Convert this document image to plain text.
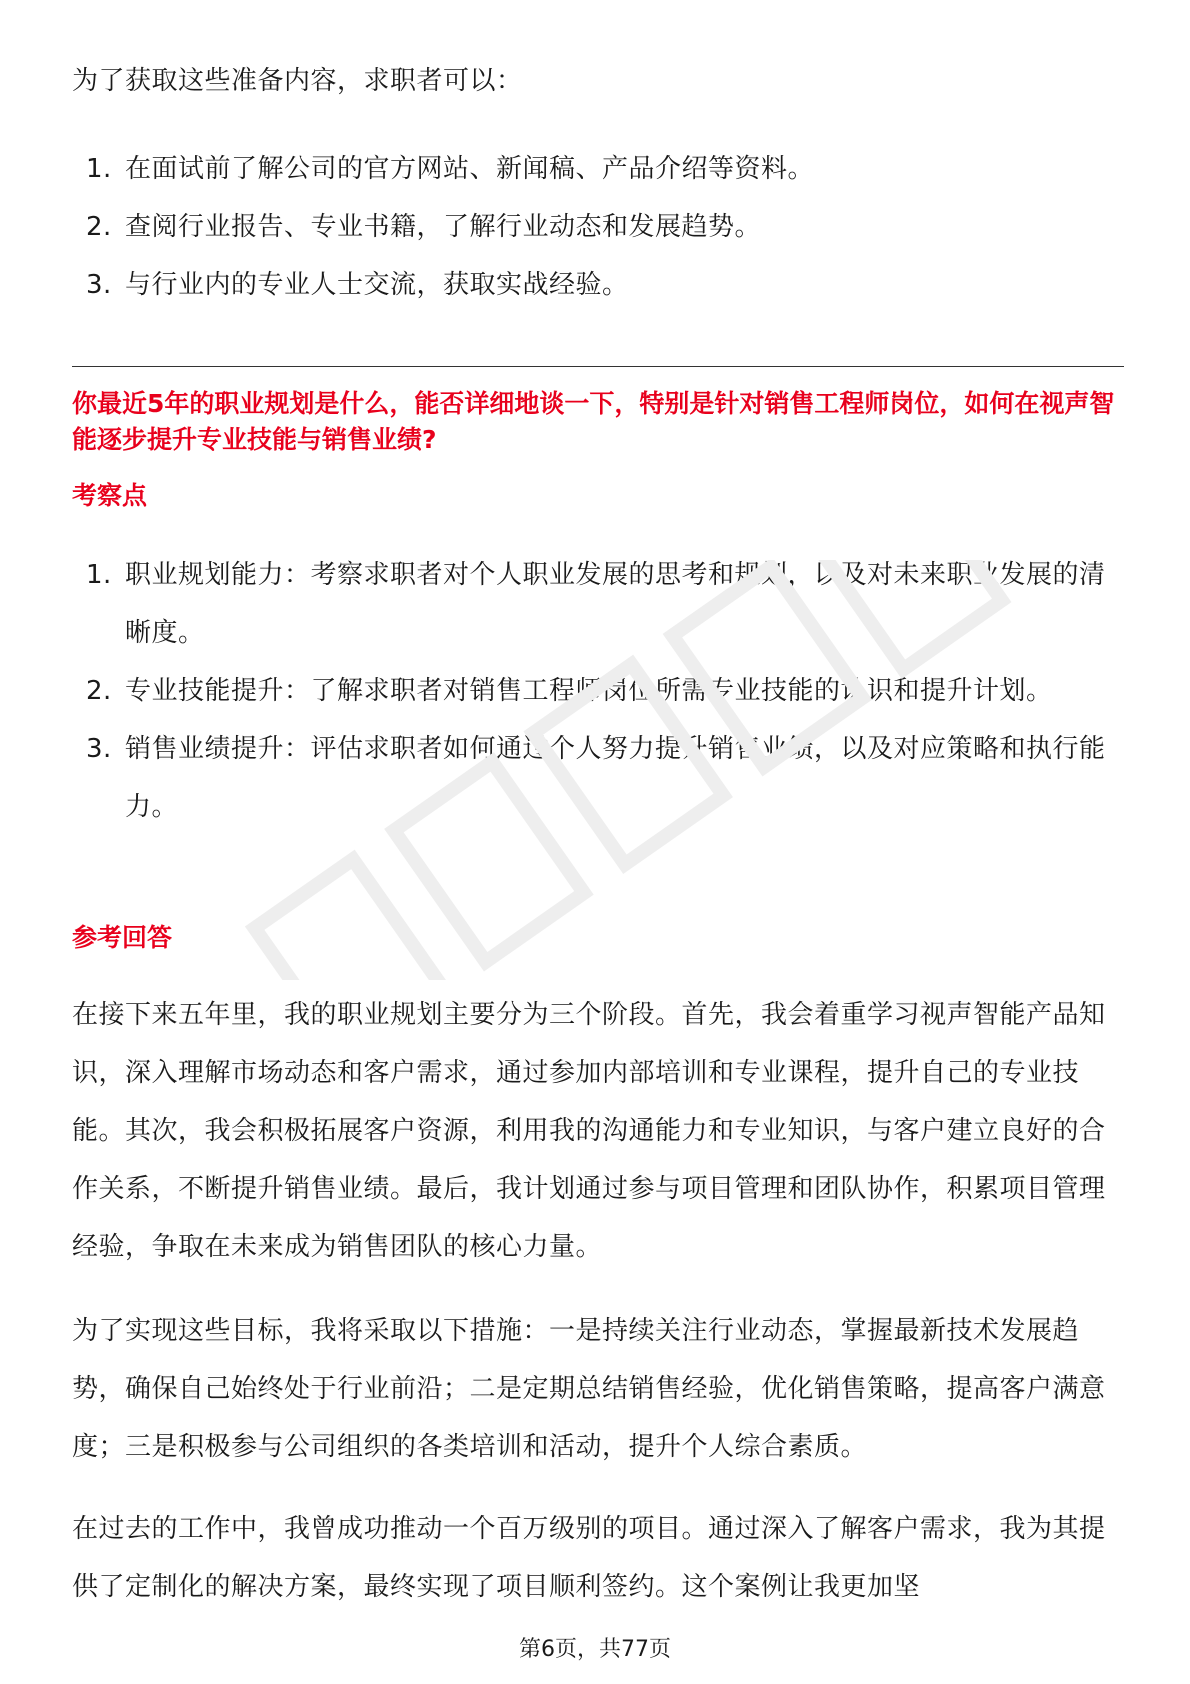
为了获取这些准备内容，求职者可以：

1. 在面试前了解公司的官方网站、新闻稿、产品介绍等资料。
2. 查阅行业报告、专业书籍，了解行业动态和发展趋势。
3. 与行业内的专业人士交流，获取实战经验。
你最近5年的职业规划是什么，能否详细地谈一下，特别是针对销售工程师岗位，如何在视声智能逐步提升专业技能与销售业绩?
考察点
1. 职业规划能力：考察求职者对个人职业发展的思考和规划，以及对未来职业发展的清晰度。
2. 专业技能提升：了解求职者对销售工程师岗位所需专业技能的认识和提升计划。
3. 销售业绩提升：评估求职者如何通过个人努力提升销售业绩，以及对应策略和执行能力。
参考回答

在接下来五年里，我的职业规划主要分为三个阶段。首先，我会着重学习视声智能产品知识，深入理解市场动态和客户需求，通过参加内部培训和专业课程，提升自己的专业技能。其次，我会积极拓展客户资源，利用我的沟通能力和专业知识，与客户建立良好的合作关系，不断提升销售业绩。最后，我计划通过参与项目管理和团队协作，积累项目管理经验，争取在未来成为销售团队的核心力量。

为了实现这些目标，我将采取以下措施：一是持续关注行业动态，掌握最新技术发展趋势，确保自己始终处于行业前沿；二是定期总结销售经验，优化销售策略，提高客户满意度；三是积极参与公司组织的各类培训和活动，提升个人综合素质。

在过去的工作中，我曾成功推动一个百万级别的项目。通过深入了解客户需求，我为其提供了定制化的解决方案，最终实现了项目顺利签约。这个案例让我更加坚

第6页，共77页
